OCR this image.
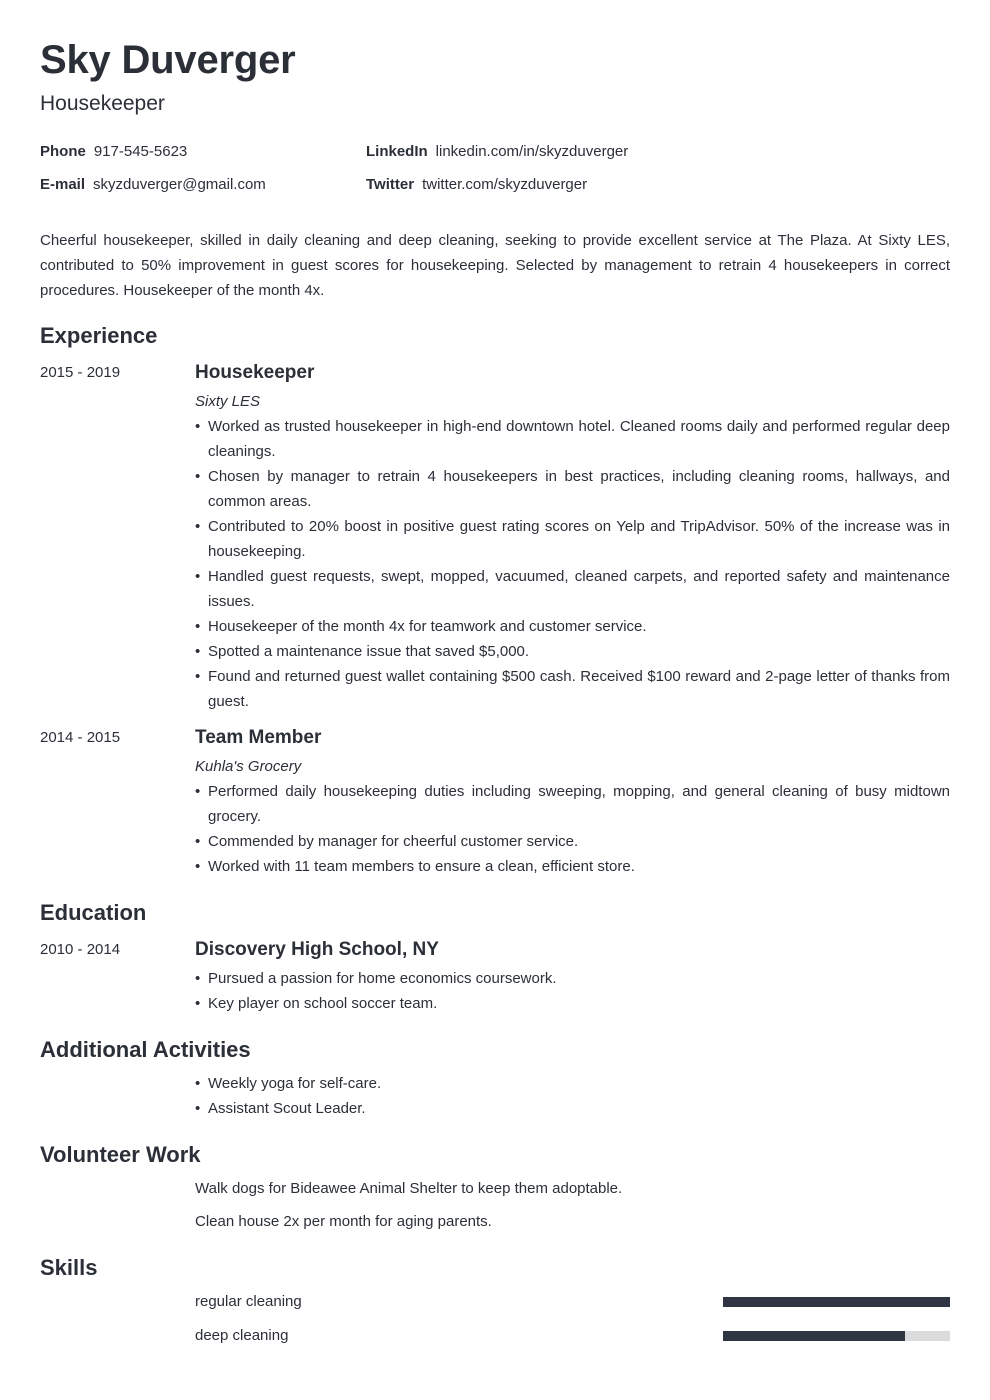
Sky Duverger
Housekeeper
Phone 917-545-5623
E-mail skyzduverger@gmail.com
LinkedIn linkedin.com/in/skyzduverger
Twitter twitter.com/skyzduverger

Cheerful housekeeper, skilled in daily cleaning and deep cleaning, seeking to provide excellent service at The Plaza. At Sixty LES, contributed to 50% improvement in guest scores for housekeeping. Selected by management to retrain 4 housekeepers in correct procedures. Housekeeper of the month 4x.

Experience
2015 - 2019	Housekeeper
Sixty LES
• Worked as trusted housekeeper in high-end downtown hotel. Cleaned rooms daily and performed regular deep cleanings.
• Chosen by manager to retrain 4 housekeepers in best practices, including cleaning rooms, hallways, and common areas.
• Contributed to 20% boost in positive guest rating scores on Yelp and TripAdvisor. 50% of the increase was in housekeeping.
• Handled guest requests, swept, mopped, vacuumed, cleaned carpets, and reported safety and maintenance issues.
• Housekeeper of the month 4x for teamwork and customer service.
• Spotted a maintenance issue that saved $5,000.
• Found and returned guest wallet containing $500 cash. Received $100 reward and 2-page letter of thanks from guest.
2014 - 2015	Team Member
Kuhla's Grocery
• Performed daily housekeeping duties including sweeping, mopping, and general cleaning of busy midtown grocery.
• Commended by manager for cheerful customer service.
• Worked with 11 team members to ensure a clean, efficient store.
Education
2010 - 2014	Discovery High School, NY
• Pursued a passion for home economics coursework.
• Key player on school soccer team.
Additional Activities
• Weekly yoga for self-care.
• Assistant Scout Leader.
Volunteer Work
Walk dogs for Bideawee Animal Shelter to keep them adoptable.
Clean house 2x per month for aging parents.
Skills
regular cleaning
deep cleaning
